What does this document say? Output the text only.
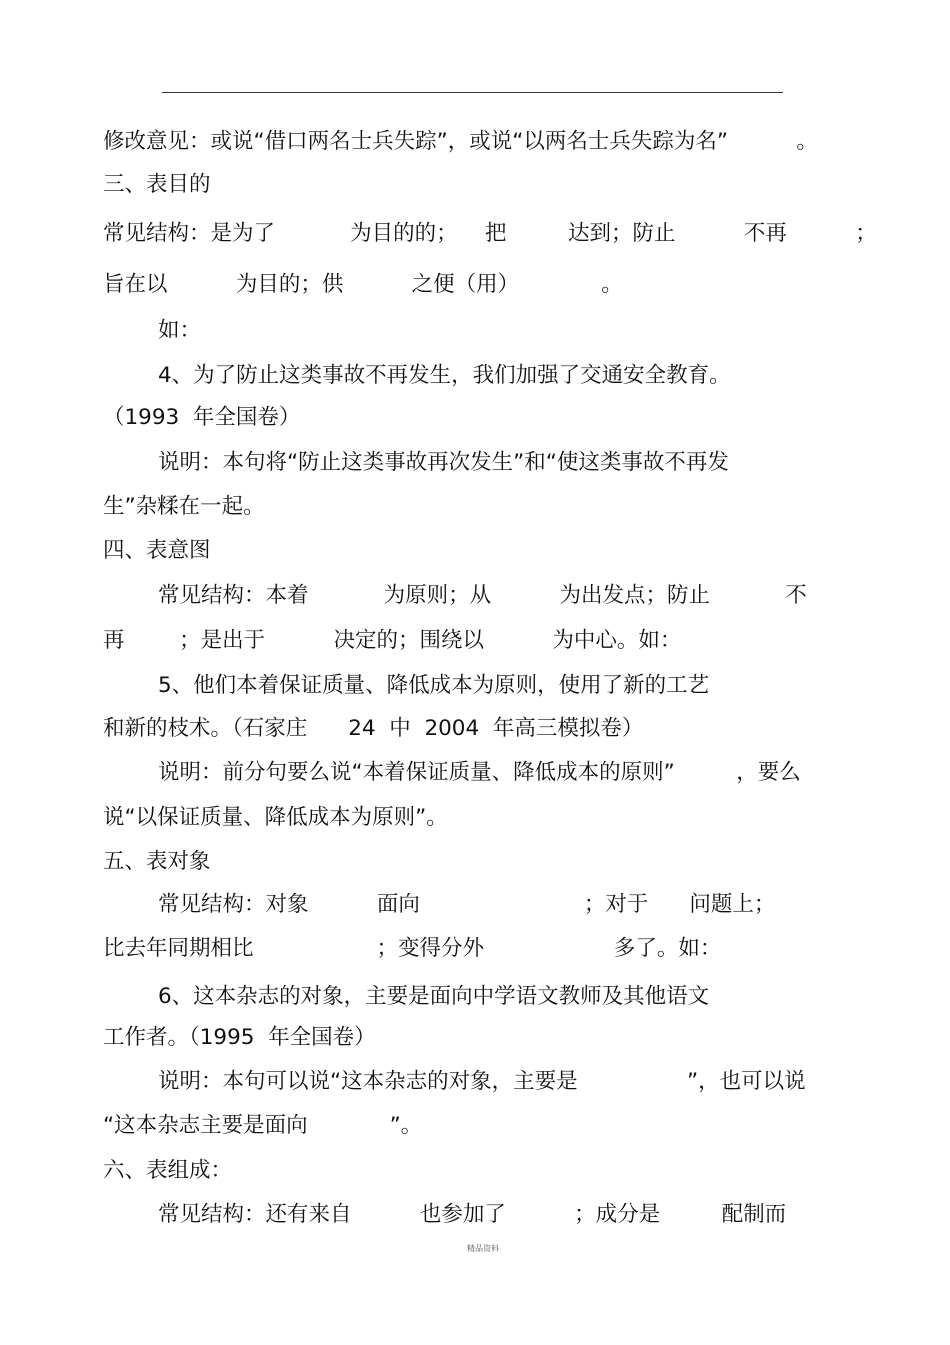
修改意见：或说“借口两名士兵失踪”，或说“以两名士兵失踪为名”          。
三、表目的
常见结构：是为了           为目的的；    把         达到；防止          不再          ；
旨在以          为目的；供          之便（用）            。
如：
4、为了防止这类事故不再发生，我们加强了交通安全教育。
（1993  年全国卷）
说明：本句将“防止这类事故再次发生”和“使这类事故不再发
生”杂糅在一起。
四、表意图
常见结构：本着           为原则；从          为出发点；防止           不
再        ；是出于          决定的；围绕以          为中心。如：
5、他们本着保证质量、降低成本为原则，使用了新的工艺
和新的枝术。（石家庄      24  中  2004  年高三模拟卷）
说明：前分句要么说“本着保证质量、降低成本的原则”         ，要么
说“以保证质量、降低成本为原则”。
五、表对象
常见结构：对象          面向                        ；对于      问题上；
比去年同期相比                  ；变得分外                   多了。如：
6、这本杂志的对象，主要是面向中学语文教师及其他语文
工作者。（1995  年全国卷）
说明：本句可以说“这本杂志的对象，主要是                ”，也可以说
“这本杂志主要是面向            ”。
六、表组成：
常见结构：还有来自          也参加了          ；成分是         配制而
精品资料
